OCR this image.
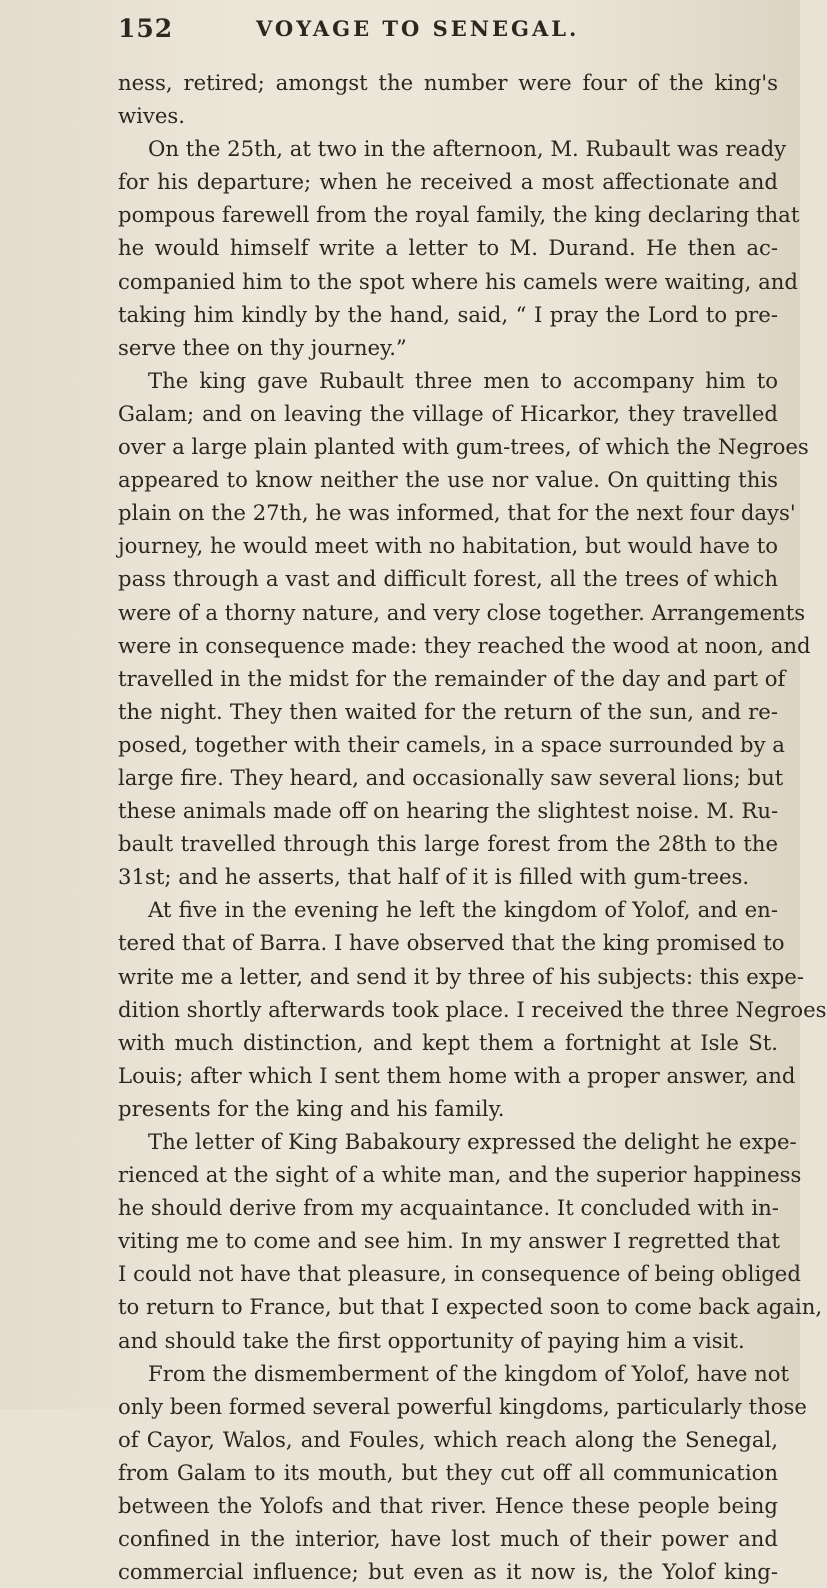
152	VOYAGE TO SENEGAL.
ness, retired; amongst the number were four of the king's
wives.
On the 25th, at two in the afternoon, M. Rubault was ready
for his departure; when he received a most affectionate and
pompous farewell from the royal family, the king declaring that
he would himself write a letter to M. Durand. He then ac-
companied him to the spot where his camels were waiting, and
taking him kindly by the hand, said, “ I pray the Lord to pre-
serve thee on thy journey.”
The king gave Rubault three men to accompany him to
Galam; and on leaving the village of Hicarkor, they travelled
over a large plain planted with gum-trees, of which the Negroes
appeared to know neither the use nor value. On quitting this
plain on the 27th, he was informed, that for the next four days'
journey, he would meet with no habitation, but would have to
pass through a vast and difficult forest, all the trees of which
were of a thorny nature, and very close together. Arrangements
were in consequence made: they reached the wood at noon, and
travelled in the midst for the remainder of the day and part of
the night. They then waited for the return of the sun, and re-
posed, together with their camels, in a space surrounded by a
large fire. They heard, and occasionally saw several lions; but
these animals made off on hearing the slightest noise. M. Ru-
bault travelled through this large forest from the 28th to the
31st; and he asserts, that half of it is filled with gum-trees.
At five in the evening he left the kingdom of Yolof, and en-
tered that of Barra. I have observed that the king promised to
write me a letter, and send it by three of his subjects: this expe-
dition shortly afterwards took place. I received the three Negroes
with much distinction, and kept them a fortnight at Isle St.
Louis; after which I sent them home with a proper answer, and
presents for the king and his family.
The letter of King Babakoury expressed the delight he expe-
rienced at the sight of a white man, and the superior happiness
he should derive from my acquaintance. It concluded with in-
viting me to come and see him. In my answer I regretted that
I could not have that pleasure, in consequence of being obliged
to return to France, but that I expected soon to come back again,
and should take the first opportunity of paying him a visit.
From the dismemberment of the kingdom of Yolof, have not
only been formed several powerful kingdoms, particularly those
of Cayor, Walos, and Foules, which reach along the Senegal,
from Galam to its mouth, but they cut off all communication
between the Yolofs and that river. Hence these people being
confined in the interior, have lost much of their power and
commercial influence; but even as it now is, the Yolof king-
